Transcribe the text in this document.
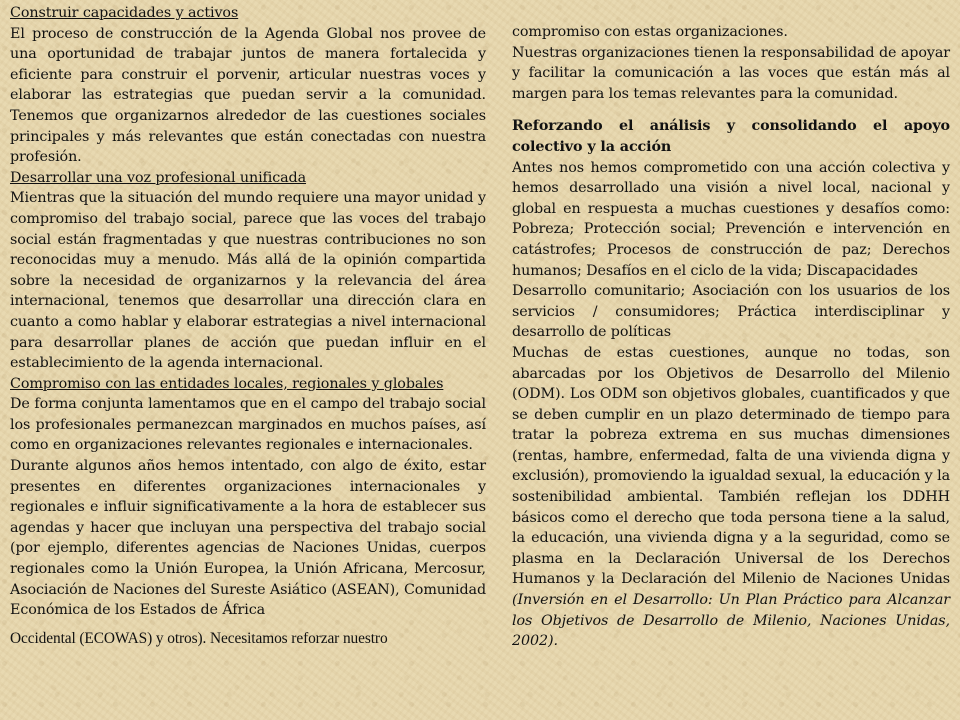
Construir capacidades y activos

El proceso de construcción de la Agenda Global nos provee de una oportunidad de trabajar juntos de manera fortalecida y eficiente para construir el porvenir, articular nuestras voces y elaborar las estrategias que puedan servir a la comunidad. Tenemos que organizarnos alrededor de las cuestiones sociales principales y más relevantes que están conectadas con nuestra profesión.

Desarrollar una voz profesional unificada

Mientras que la situación del mundo requiere una mayor unidad y compromiso del trabajo social, parece que las voces del trabajo social están fragmentadas y que nuestras contribuciones no son reconocidas muy a menudo. Más allá de la opinión compartida sobre la necesidad de organizarnos y la relevancia del área internacional, tenemos que desarrollar una dirección clara en cuanto a como hablar y elaborar estrategias a nivel internacional para desarrollar planes de acción que puedan influir en el establecimiento de la agenda internacional.

Compromiso con las entidades locales, regionales y globales

De forma conjunta lamentamos que en el campo del trabajo social los profesionales permanezcan marginados en muchos países, así como en organizaciones relevantes regionales e internacionales.

Durante algunos años hemos intentado, con algo de éxito, estar presentes en diferentes organizaciones internacionales y regionales e influir significativamente a la hora de establecer sus agendas y hacer que incluyan una perspectiva del trabajo social (por ejemplo, diferentes agencias de Naciones Unidas, cuerpos regionales como la Unión Europea, la Unión Africana, Mercosur, Asociación de Naciones del Sureste Asiático (ASEAN), Comunidad Económica de los Estados de África

Occidental (ECOWAS) y otros). Necesitamos reforzar nuestro

compromiso con estas organizaciones.

Nuestras organizaciones tienen la responsabilidad de apoyar y facilitar la comunicación a las voces que están más al margen para los temas relevantes para la comunidad.

Reforzando el análisis y consolidando el apoyo colectivo y la acción

Antes nos hemos comprometido con una acción colectiva y hemos desarrollado una visión a nivel local, nacional y global en respuesta a muchas cuestiones y desafíos como: Pobreza; Protección social; Prevención e intervención en catástrofes; Procesos de construcción de paz; Derechos humanos; Desafíos en el ciclo de la vida; Discapacidades

Desarrollo comunitario; Asociación con los usuarios de los servicios / consumidores; Práctica interdisciplinar y desarrollo de políticas

Muchas de estas cuestiones, aunque no todas, son abarcadas por los Objetivos de Desarrollo del Milenio (ODM). Los ODM son objetivos globales, cuantificados y que se deben cumplir en un plazo determinado de tiempo para tratar la pobreza extrema en sus muchas dimensiones (rentas, hambre, enfermedad, falta de una vivienda digna y exclusión), promoviendo la igualdad sexual, la educación y la sostenibilidad ambiental. También reflejan los DDHH básicos como el derecho que toda persona tiene a la salud, la educación, una vivienda digna y a la seguridad, como se plasma en la Declaración Universal de los Derechos Humanos y la Declaración del Milenio de Naciones Unidas (Inversión en el Desarrollo: Un Plan Práctico para Alcanzar los Objetivos de Desarrollo de Milenio, Naciones Unidas, 2002).
